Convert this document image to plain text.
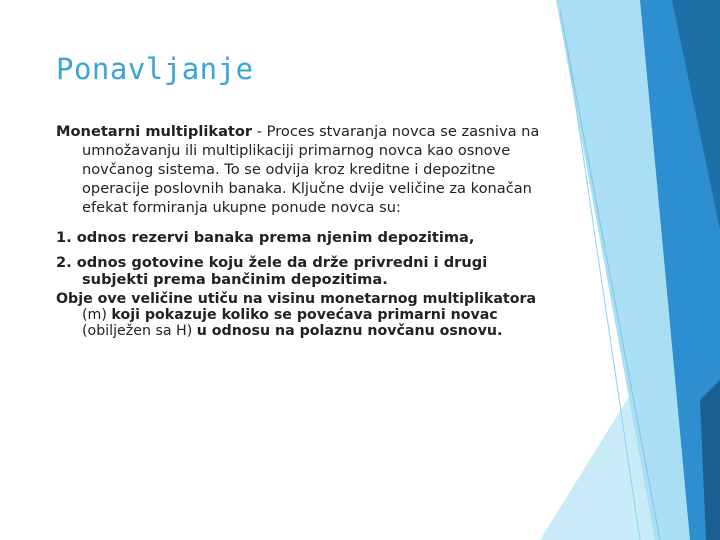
Ponavljanje

Monetarni multiplikator - Proces stvaranja novca se zasniva na umnožavanju ili multiplikaciji primarnog novca kao osnove novčanog sistema. To se odvija kroz kreditne i depozitne operacije poslovnih banaka. Ključne dvije veličine za konačan efekat formiranja ukupne ponude novca su:

1. odnos rezervi banaka prema njenim depozitima,

2. odnos gotovine koju žele da drže privredni i drugi subjekti prema bančinim depozitima.

Obje ove veličine utiču na visinu monetarnog multiplikatora (m) koji pokazuje koliko se povećava primarni novac (obilježen sa H) u odnosu na polaznu novčanu osnovu.
